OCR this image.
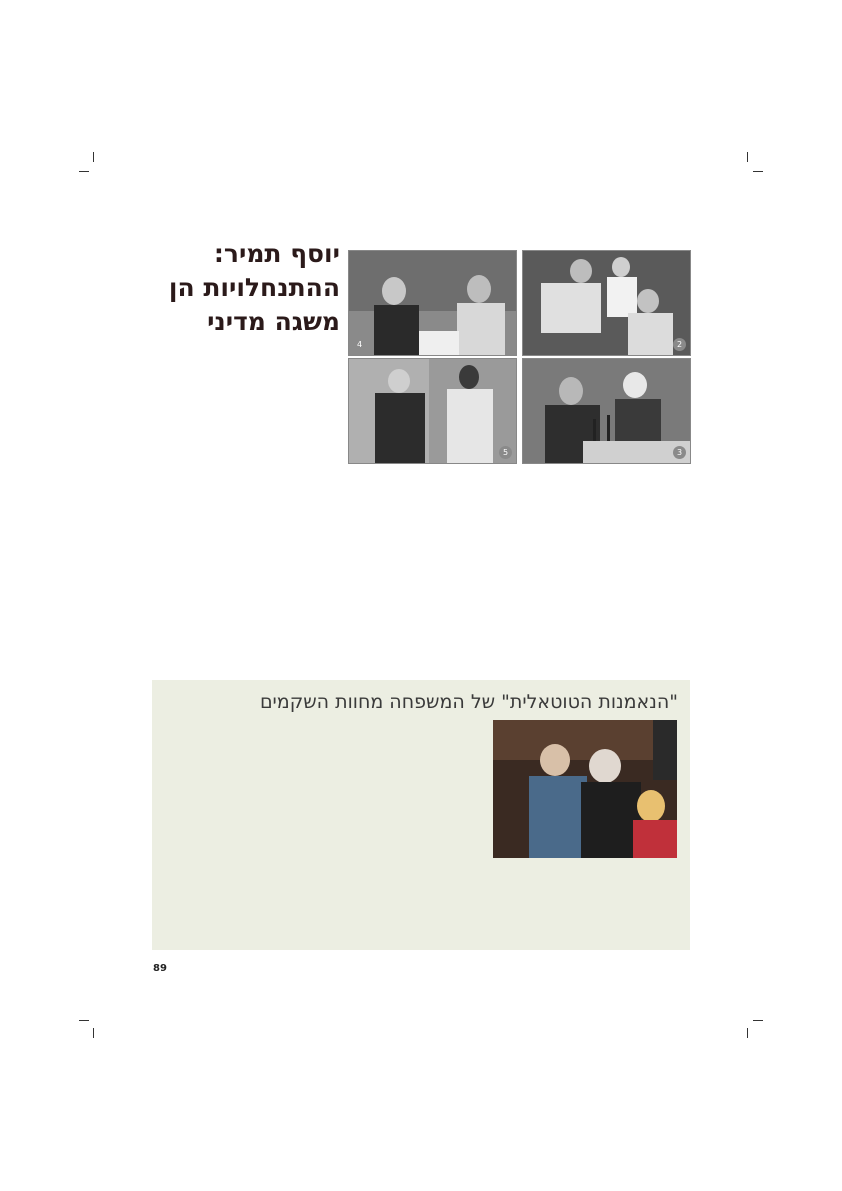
יוסף תמיר: ההתנחלויות הן משגה מדיני

4	2
5	3

"הנאמנות הטוטאלית" של המשפחה מחוות השקמים

89
